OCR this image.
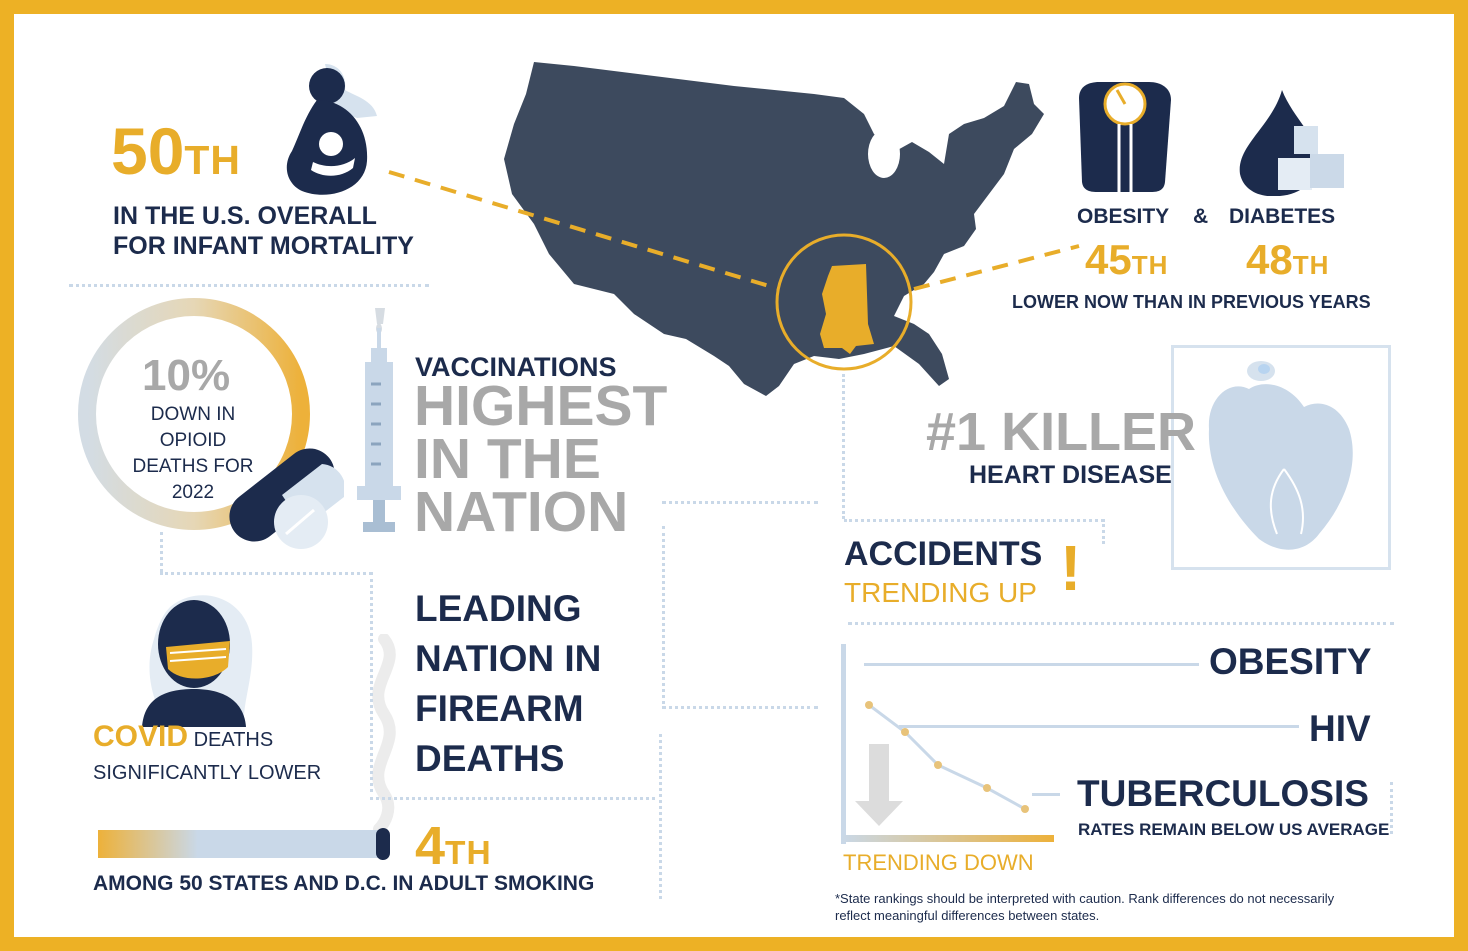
50TH
IN THE U.S. OVERALL
FOR INFANT MORTALITY
OBESITY & DIABETES
45TH 48TH
LOWER NOW THAN IN PREVIOUS YEARS
10%
DOWN IN
OPIOID
DEATHS FOR
2022
VACCINATIONS
HIGHEST
IN THE
NATION
#1 KILLER
HEART DISEASE
ACCIDENTS
TRENDING UP !
COVID DEATHS
SIGNIFICANTLY LOWER
LEADING
NATION IN
FIREARM
DEATHS
4TH
AMONG 50 STATES AND D.C. IN ADULT SMOKING
OBESITY
HIV
TUBERCULOSIS
RATES REMAIN BELOW US AVERAGE
TRENDING DOWN
*State rankings should be interpreted with caution. Rank differences do not necessarily
reflect meaningful differences between states.
